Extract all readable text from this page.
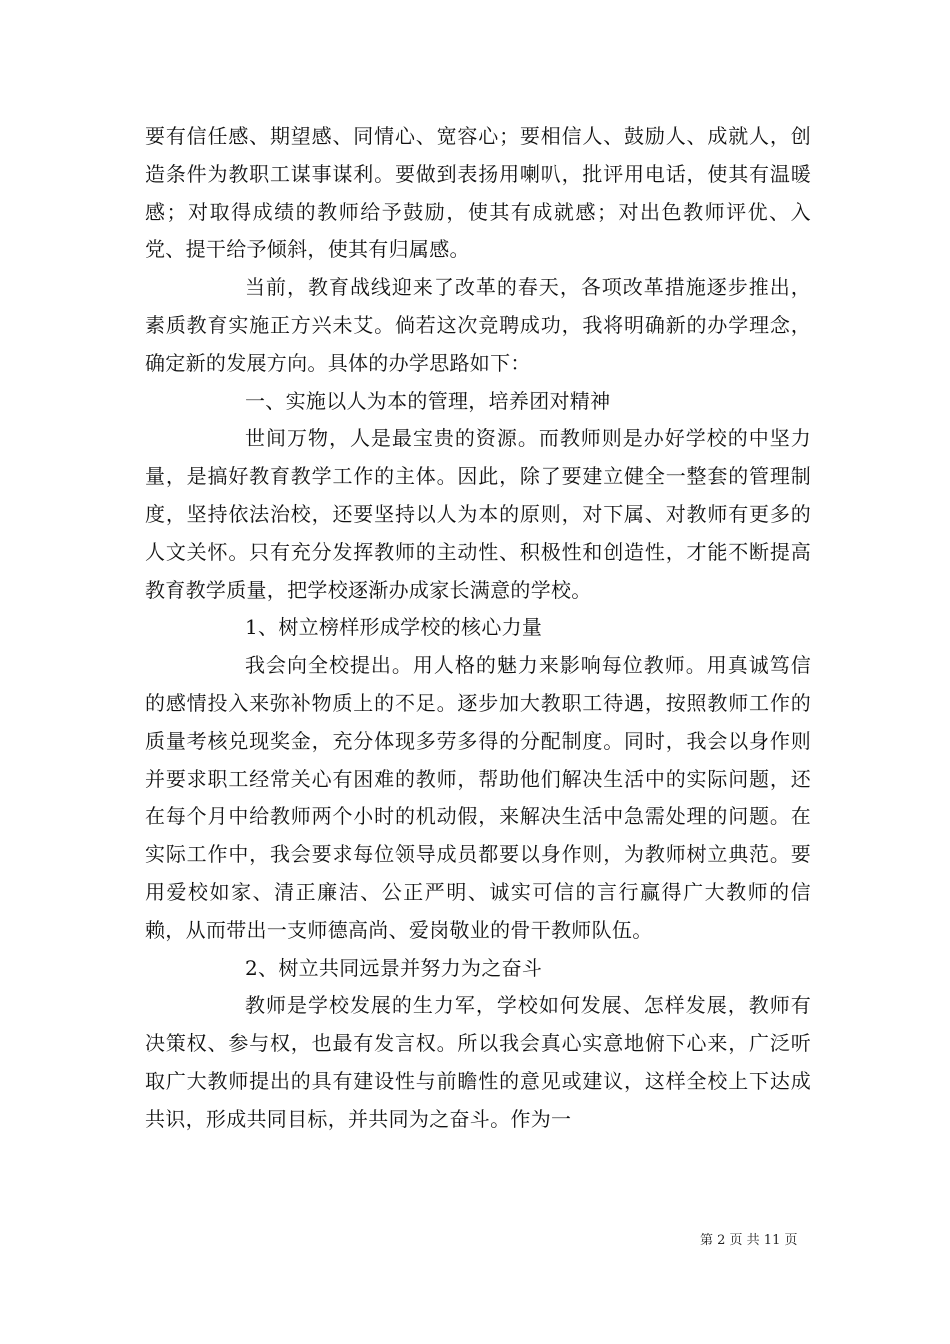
要有信任感、期望感、同情心、宽容心；要相信人、鼓励人、成就人，创造条件为教职工谋事谋利。要做到表扬用喇叭，批评用电话，使其有温暖感；对取得成绩的教师给予鼓励，使其有成就感；对出色教师评优、入党、提干给予倾斜，使其有归属感。

当前，教育战线迎来了改革的春天，各项改革措施逐步推出，素质教育实施正方兴未艾。倘若这次竞聘成功，我将明确新的办学理念，确定新的发展方向。具体的办学思路如下：

一、实施以人为本的管理，培养团对精神

世间万物，人是最宝贵的资源。而教师则是办好学校的中坚力量，是搞好教育教学工作的主体。因此，除了要建立健全一整套的管理制度，坚持依法治校，还要坚持以人为本的原则，对下属、对教师有更多的人文关怀。只有充分发挥教师的主动性、积极性和创造性，才能不断提高教育教学质量，把学校逐渐办成家长满意的学校。

1、树立榜样形成学校的核心力量

我会向全校提出。用人格的魅力来影响每位教师。用真诚笃信的感情投入来弥补物质上的不足。逐步加大教职工待遇，按照教师工作的质量考核兑现奖金，充分体现多劳多得的分配制度。同时，我会以身作则并要求职工经常关心有困难的教师，帮助他们解决生活中的实际问题，还在每个月中给教师两个小时的机动假，来解决生活中急需处理的问题。在实际工作中，我会要求每位领导成员都要以身作则，为教师树立典范。要用爱校如家、清正廉洁、公正严明、诚实可信的言行赢得广大教师的信赖，从而带出一支师德高尚、爱岗敬业的骨干教师队伍。

2、树立共同远景并努力为之奋斗

教师是学校发展的生力军，学校如何发展、怎样发展，教师有决策权、参与权，也最有发言权。所以我会真心实意地俯下心来，广泛听取广大教师提出的具有建设性与前瞻性的意见或建议，这样全校上下达成共识，形成共同目标，并共同为之奋斗。作为一

第 2 页 共 11 页
